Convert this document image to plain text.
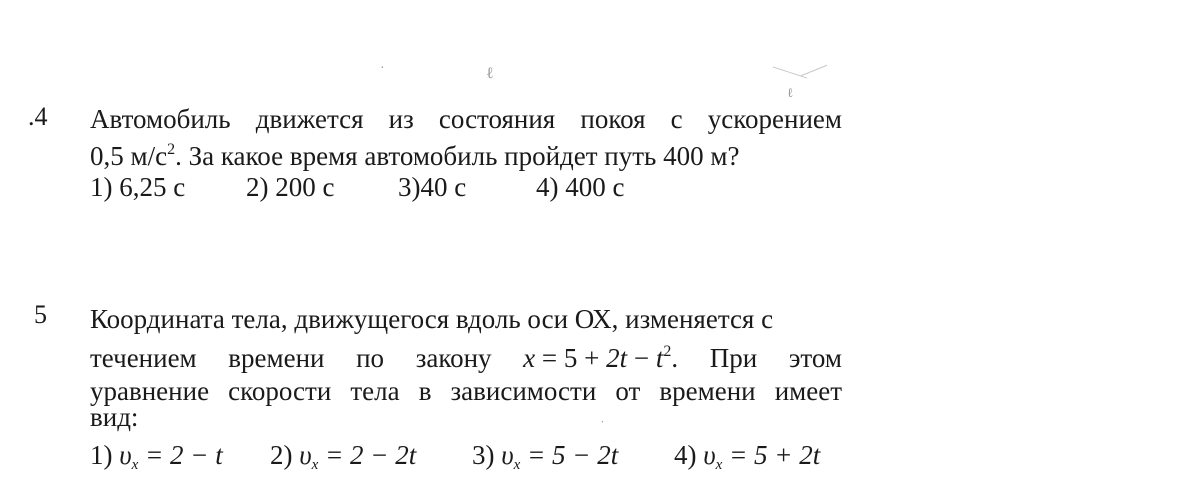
·	ℓ
ℓ
˙
.4 Автомобиль движется из состояния покоя с ускорением
0,5 $м/с^2$. За какое время автомобиль пройдет путь 400 м?
1) 6,25 с 2) 200 с 3)40 с	4) 400 с
5 Координата тела, движущегося вдоль оси ОХ, изменяется с
течением времени по закону $x = 5 + 2t - t^2$. При этом
уравнение скорости тела в зависимости от времени имеет
вид:
1) $\upsilon_x = 2 - t$ 2) $\upsilon_x = 2 - 2t$ 3) $\upsilon_x = 5 - 2t$ 4) $\upsilon_x = 5 + 2t$
